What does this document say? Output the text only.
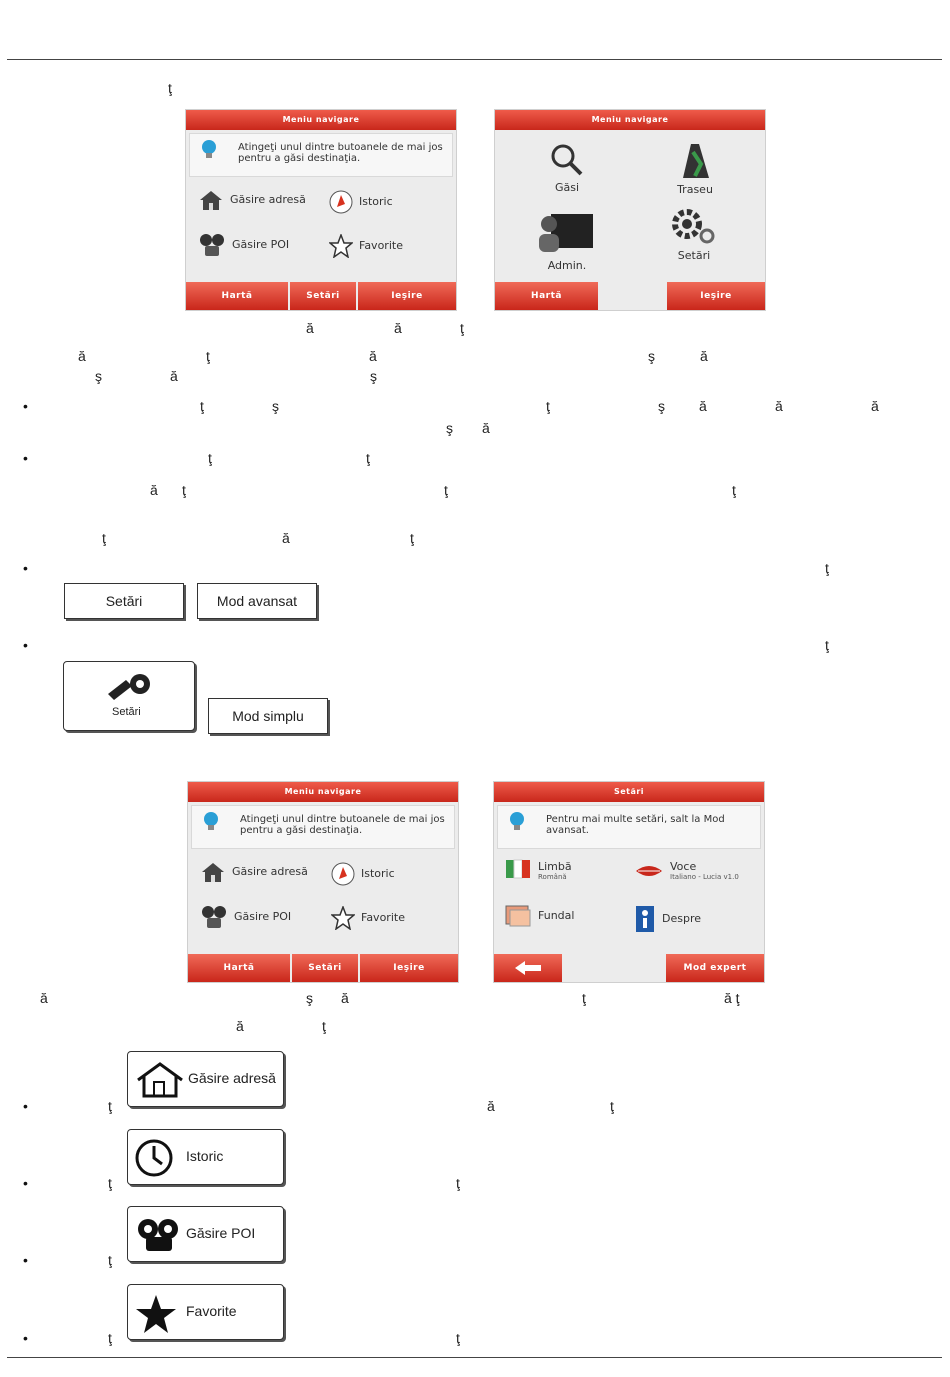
ţ
Meniu navigare
Atingeţi unul dintre butoanele de mai jos pentru a găsi destinaţia.
Găsire adresă	Istoric
Găsire POI	Favorite
Hartă	Setări	Ieşire
Meniu navigare
Găsi	Traseu
Admin.
Setări
Hartă	Ieşire
ă	ă	ţ
ă	ţ	ă	ş	ă
ş	ă	ş
•	ţ	ş	ţ	ş ă	ă	ă
ş ă
•	ţ	ţ
ă ţ	ţ	ţ
ţ	ă	ţ
•	ţ
Setări	Mod avansat
•	ţ
Setări	Mod simplu
Meniu navigare
Atingeţi unul dintre butoanele de mai jos pentru a găsi destinaţia.
Găsire adresă	Istoric
Găsire POI	Favorite
Hartă	Setări	Ieşire
Setări
Pentru mai multe setări, salt la Mod avansat.
Limbă
Română
Voce
Italiano - Lucia v1.0
Fundal	Despre
Mod expert
ă	ş ă	ţ	ă ţ
ă	ţ
Găsire adresă
•	ţ	ă	ţ
Istoric
•	ţ	ţ
Găsire POI
•	ţ
Favorite
•	ţ	ţ
